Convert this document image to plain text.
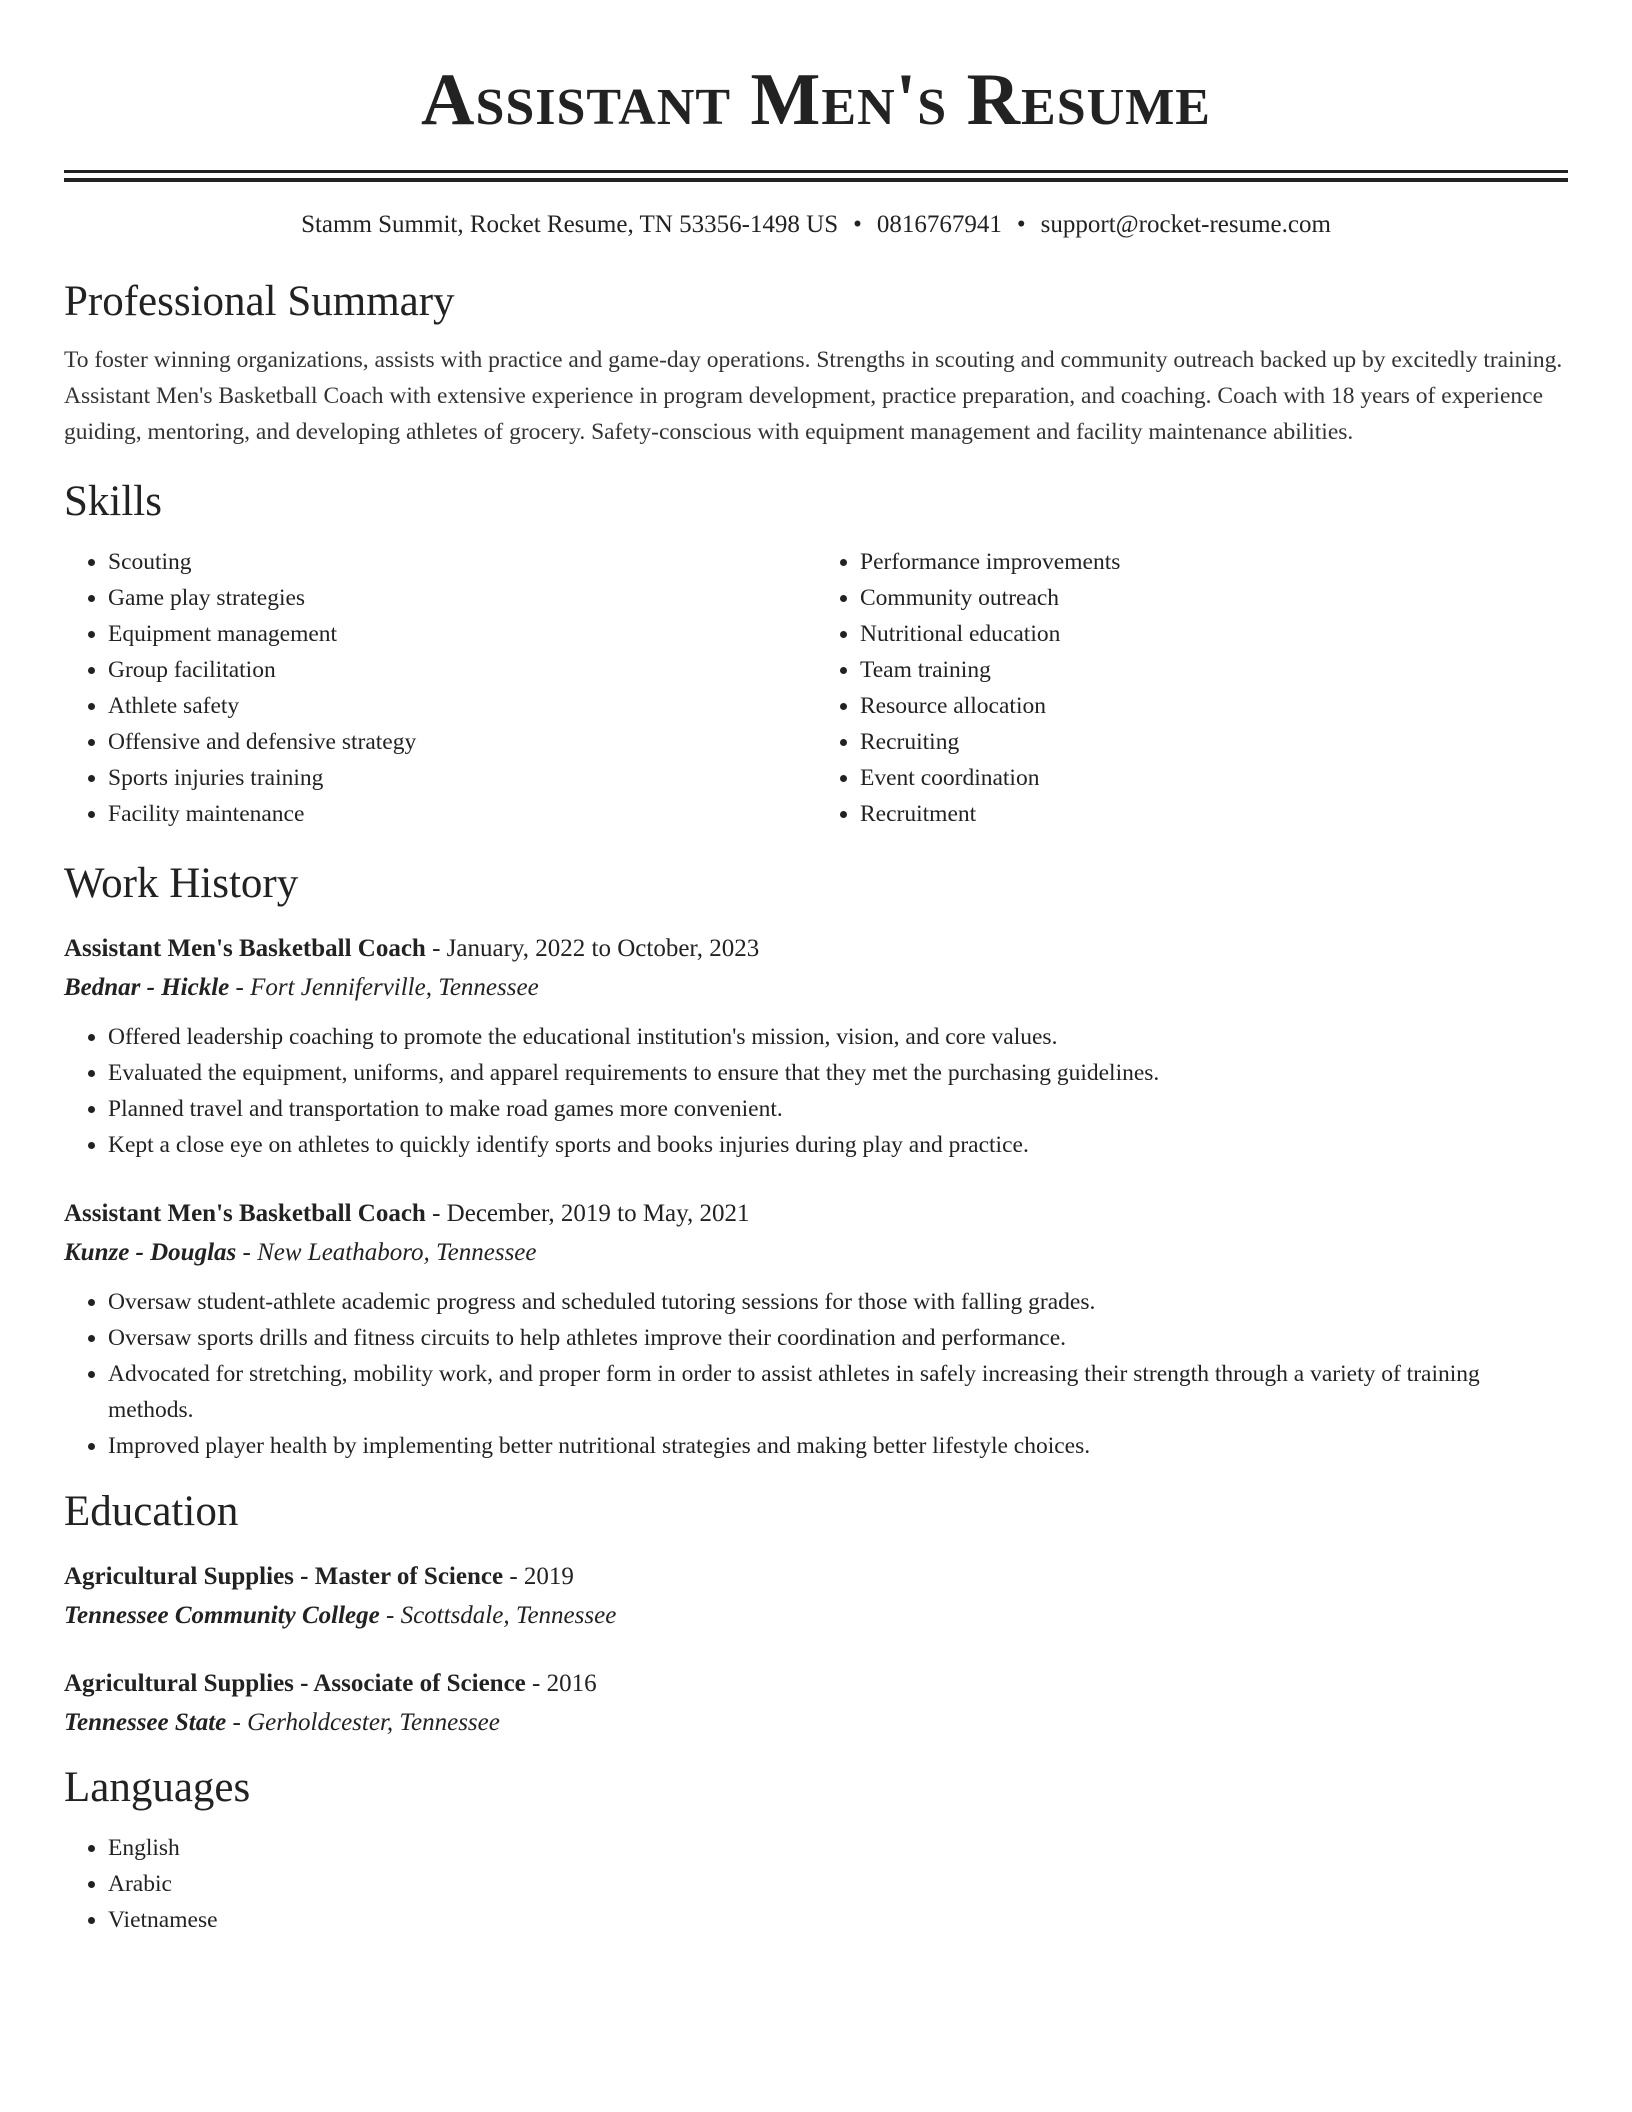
Assistant Men's Resume
Stamm Summit, Rocket Resume, TN 53356-1498 US • 0816767941 • support@rocket-resume.com
Professional Summary

To foster winning organizations, assists with practice and game-day operations. Strengths in scouting and community outreach backed up by excitedly training. Assistant Men's Basketball Coach with extensive experience in program development, practice preparation, and coaching. Coach with 18 years of experience guiding, mentoring, and developing athletes of grocery. Safety-conscious with equipment management and facility maintenance abilities.

Skills
• Scouting
• Game play strategies
• Equipment management
• Group facilitation
• Athlete safety
• Offensive and defensive strategy
• Sports injuries training
• Facility maintenance
• Performance improvements
• Community outreach
• Nutritional education
• Team training
• Resource allocation
• Recruiting
• Event coordination
• Recruitment
Work History
Assistant Men's Basketball Coach - January, 2022 to October, 2023
Bednar - Hickle - Fort Jenniferville, Tennessee
• Offered leadership coaching to promote the educational institution's mission, vision, and core values.
• Evaluated the equipment, uniforms, and apparel requirements to ensure that they met the purchasing guidelines.
• Planned travel and transportation to make road games more convenient.
• Kept a close eye on athletes to quickly identify sports and books injuries during play and practice.
Assistant Men's Basketball Coach - December, 2019 to May, 2021
Kunze - Douglas - New Leathaboro, Tennessee
• Oversaw student-athlete academic progress and scheduled tutoring sessions for those with falling grades.
• Oversaw sports drills and fitness circuits to help athletes improve their coordination and performance.
• Advocated for stretching, mobility work, and proper form in order to assist athletes in safely increasing their strength through a variety of training methods.
• Improved player health by implementing better nutritional strategies and making better lifestyle choices.
Education
Agricultural Supplies - Master of Science - 2019
Tennessee Community College - Scottsdale, Tennessee
Agricultural Supplies - Associate of Science - 2016
Tennessee State - Gerholdcester, Tennessee
Languages
• English
• Arabic
• Vietnamese
